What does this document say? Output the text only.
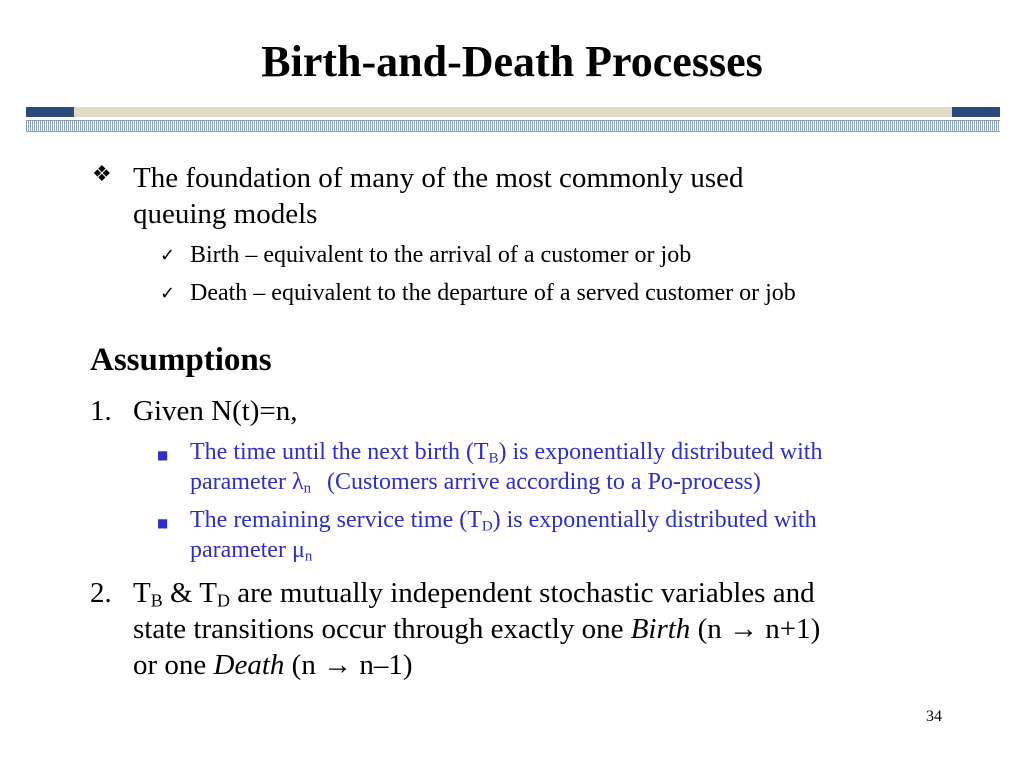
Birth-and-Death Processes
❖ The foundation of many of the most commonly used
queuing models
✓ Birth – equivalent to the arrival of a customer or job
✓ Death – equivalent to the departure of a served customer or job
Assumptions
1. Given N(t)=n,
■ The time until the next birth $(T_B)$ is exponentially distributed with
parameter $\lambda_n$ (Customers arrive according to a Po-process)
■ The remaining service time $(T_D)$ is exponentially distributed with
parameter $\mu_n$
2. $T_B$ & $T_D$ are mutually independent stochastic variables and
state transitions occur through exactly one Birth (n → n+1)
or one Death (n → n–1)
34
